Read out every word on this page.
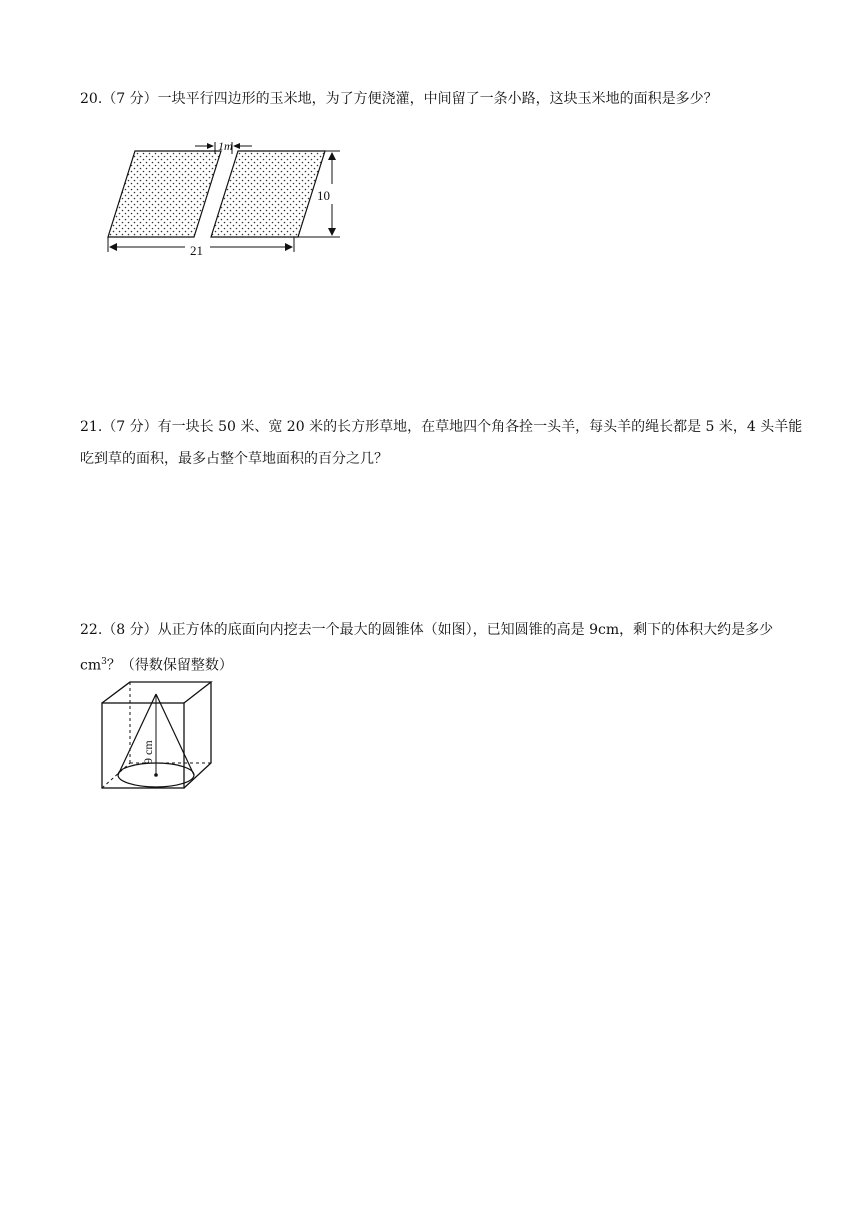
20.（7 分）一块平行四边形的玉米地，为了方便浇灌，中间留了一条小路，这块玉米地的面积是多少？
1m
10
21
21.（7 分）有一块长 50 米、宽 20 米的长方形草地，在草地四个角各拴一头羊，每头羊的绳长都是 5 米，4 头羊能吃到草的面积，最多占整个草地面积的百分之几？
22.（8 分）从正方体的底面向内挖去一个最大的圆锥体（如图），已知圆锥的高是 9cm，剩下的体积大约是多少 $cm^3$？（得数保留整数）
9 cm
